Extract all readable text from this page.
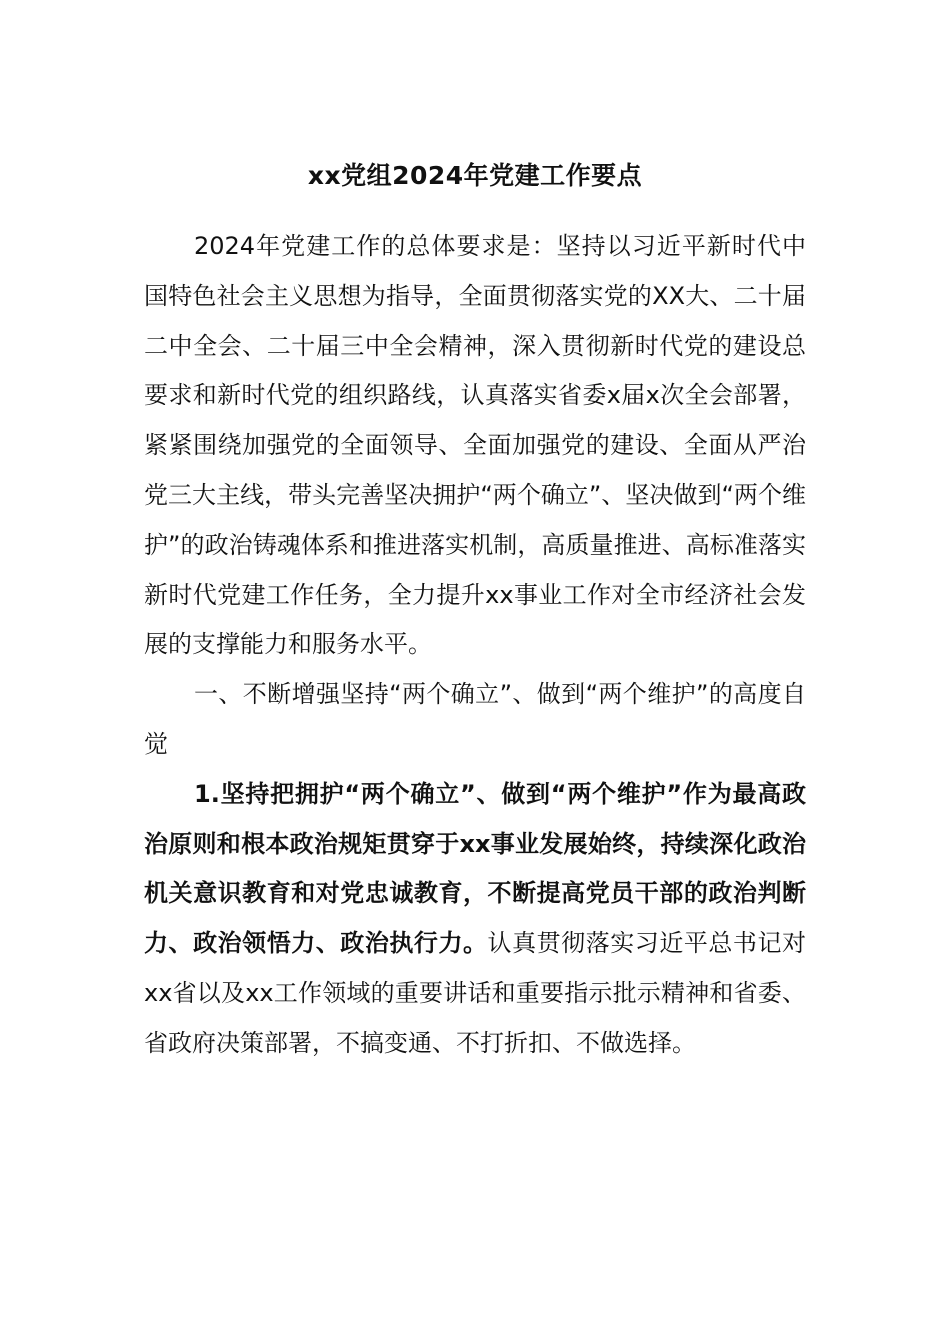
xx党组2024年党建工作要点

2024年党建工作的总体要求是：坚持以习近平新时代中国特色社会主义思想为指导，全面贯彻落实党的XX大、二十届二中全会、二十届三中全会精神，深入贯彻新时代党的建设总要求和新时代党的组织路线，认真落实省委x届x次全会部署，紧紧围绕加强党的全面领导、全面加强党的建设、全面从严治党三大主线，带头完善坚决拥护“两个确立”、坚决做到“两个维护”的政治铸魂体系和推进落实机制，高质量推进、高标准落实新时代党建工作任务，全力提升xx事业工作对全市经济社会发展的支撑能力和服务水平。

一、不断增强坚持“两个确立”、做到“两个维护”的高度自觉

1.坚持把拥护“两个确立”、做到“两个维护”作为最高政治原则和根本政治规矩贯穿于xx事业发展始终，持续深化政治机关意识教育和对党忠诚教育，不断提高党员干部的政治判断力、政治领悟力、政治执行力。认真贯彻落实习近平总书记对xx省以及xx工作领域的重要讲话和重要指示批示精神和省委、省政府决策部署，不搞变通、不打折扣、不做选择。
